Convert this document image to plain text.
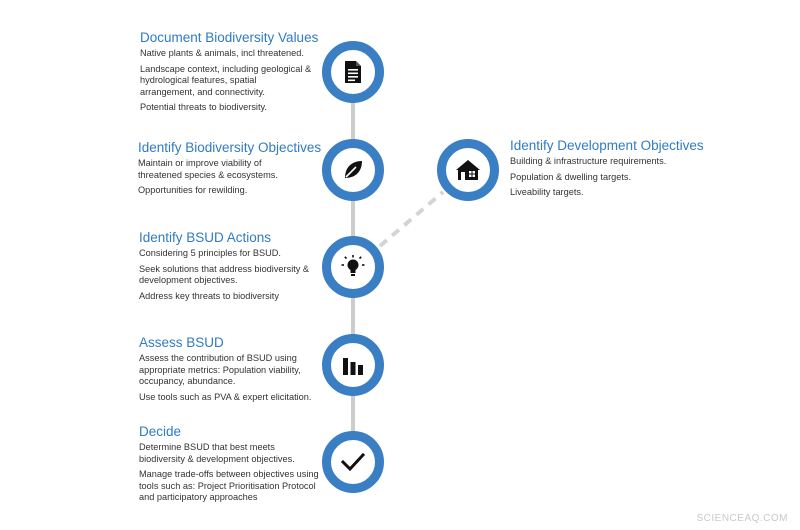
Document Biodiversity Values

Native plants & animals, incl threatened.

Landscape context, including geological & hydrological features, spatial arrangement, and connectivity.

Potential threats to biodiversity.

Identify Biodiversity Objectives

Maintain or improve viability of threatened species & ecosystems.

Opportunities for rewilding.

Identify BSUD Actions

Considering 5 principles for BSUD.

Seek solutions that address biodiversity & development objectives.

Address key threats to biodiversity

Assess BSUD

Assess the contribution of BSUD using appropriate metrics: Population viability, occupancy, abundance.

Use tools such as PVA & expert elicitation.

Decide

Determine BSUD that best meets biodiversity & development objectives.

Manage trade-offs between objectives using tools such as: Project Prioritisation Protocol and participatory approaches

Identify Development Objectives

Building & infrastructure requirements.

Population & dwelling targets.

Liveability targets.

SCIENCEAQ.COM
